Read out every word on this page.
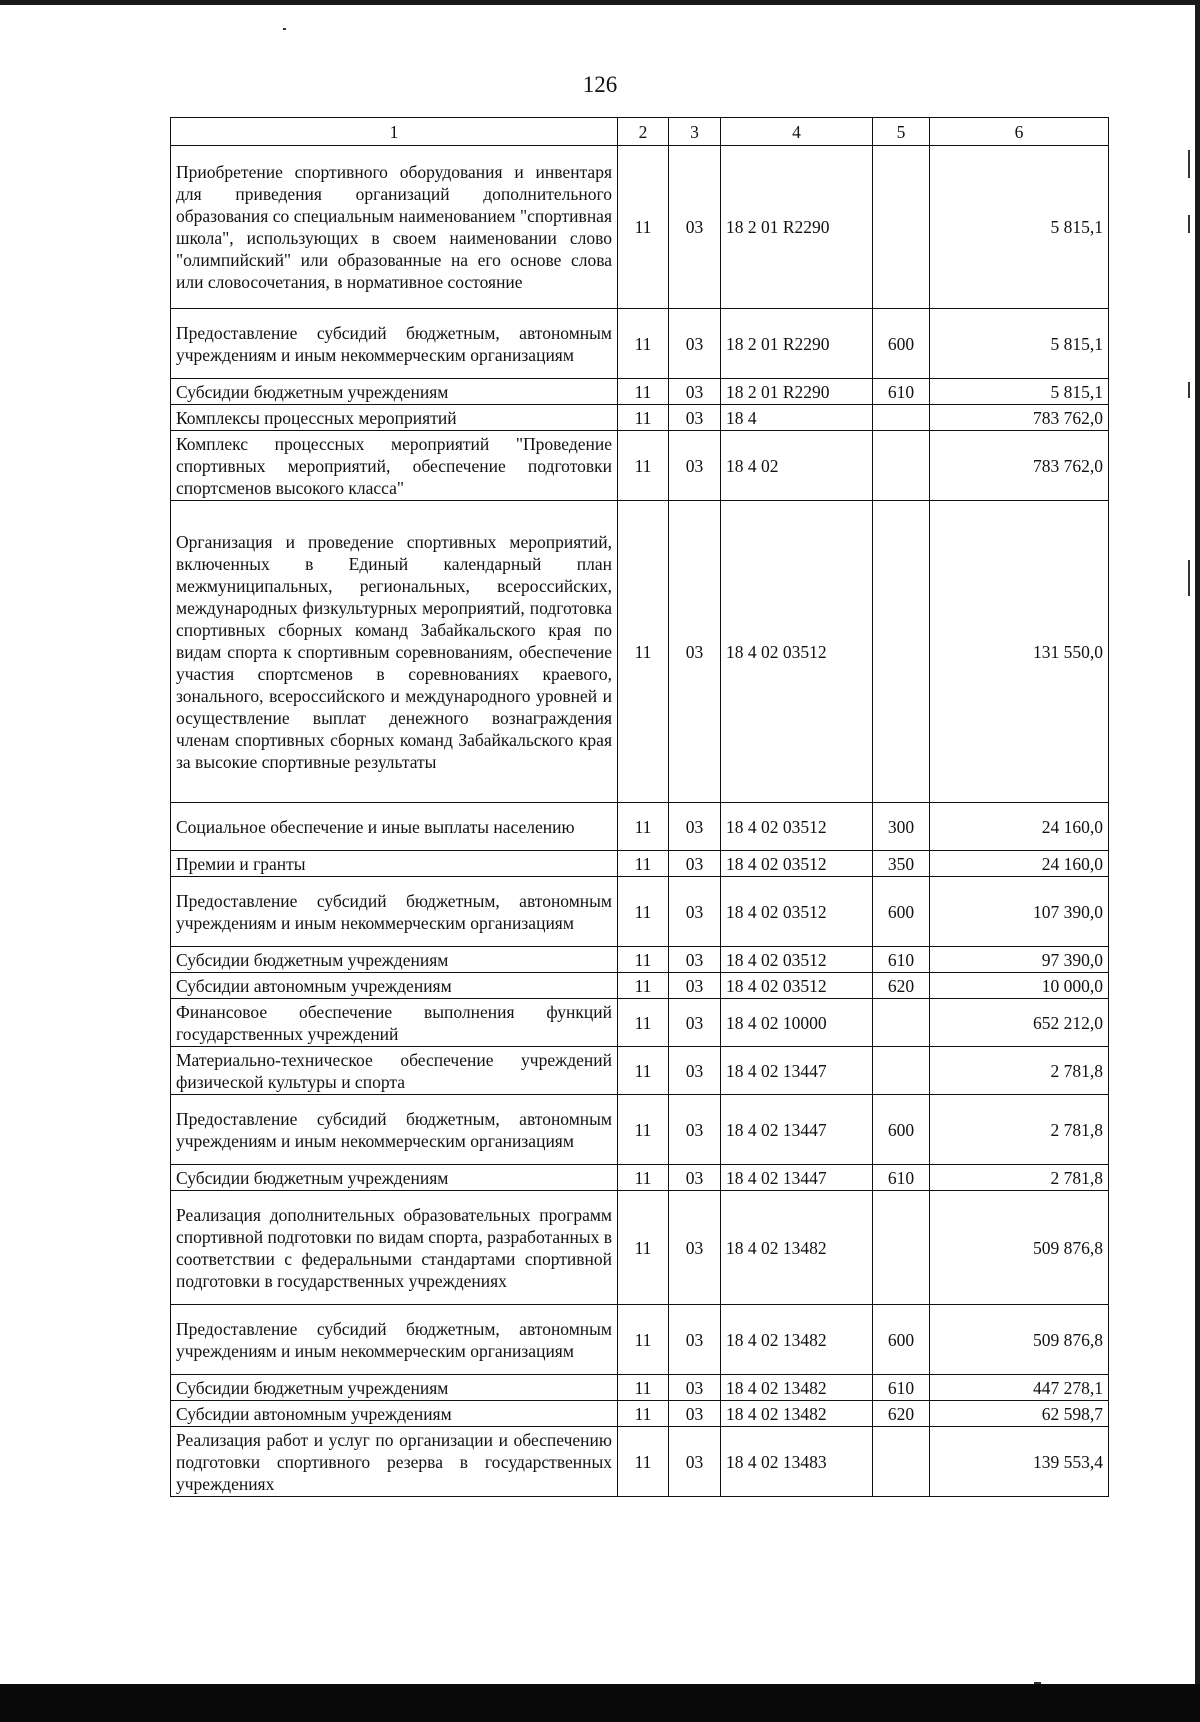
126
1	2	3	4	5	6
Приобретение спортивного оборудования и инвентаря для приведения организаций дополнительного образования со специальным наименованием "спортивная школа", использующих в своем наименовании слово "олимпийский" или образованные на его основе слова или словосочетания, в нормативное состояние	11	03	18 2 01 R2290		5 815,1
Предоставление субсидий бюджетным, автономным учреждениям и иным некоммерческим организациям	11	03	18 2 01 R2290	600	5 815,1
Субсидии бюджетным учреждениям	11	03	18 2 01 R2290	610	5 815,1
Комплексы процессных мероприятий	11	03	18 4		783 762,0
Комплекс процессных мероприятий "Проведение спортивных мероприятий, обеспечение подготовки спортсменов высокого класса"	11	03	18 4 02		783 762,0
Организация и проведение спортивных мероприятий, включенных в Единый календарный план межмуниципальных, региональных, всероссийских, международных физкультурных мероприятий, подготовка спортивных сборных команд Забайкальского края по видам спорта к спортивным соревнованиям, обеспечение участия спортсменов в соревнованиях краевого, зонального, всероссийского и международного уровней и осуществление выплат денежного вознаграждения членам спортивных сборных команд Забайкальского края за высокие спортивные результаты	11	03	18 4 02 03512		131 550,0
Социальное обеспечение и иные выплаты населению	11	03	18 4 02 03512	300	24 160,0
Премии и гранты	11	03	18 4 02 03512	350	24 160,0
Предоставление субсидий бюджетным, автономным учреждениям и иным некоммерческим организациям	11	03	18 4 02 03512	600	107 390,0
Субсидии бюджетным учреждениям	11	03	18 4 02 03512	610	97 390,0
Субсидии автономным учреждениям	11	03	18 4 02 03512	620	10 000,0
Финансовое обеспечение выполнения функций государственных учреждений	11	03	18 4 02 10000		652 212,0
Материально-техническое обеспечение учреждений физической культуры и спорта	11	03	18 4 02 13447		2 781,8
Предоставление субсидий бюджетным, автономным учреждениям и иным некоммерческим организациям	11	03	18 4 02 13447	600	2 781,8
Субсидии бюджетным учреждениям	11	03	18 4 02 13447	610	2 781,8
Реализация дополнительных образовательных программ спортивной подготовки по видам спорта, разработанных в соответствии с федеральными стандартами спортивной подготовки в государственных учреждениях	11	03	18 4 02 13482		509 876,8
Предоставление субсидий бюджетным, автономным учреждениям и иным некоммерческим организациям	11	03	18 4 02 13482	600	509 876,8
Субсидии бюджетным учреждениям	11	03	18 4 02 13482	610	447 278,1
Субсидии автономным учреждениям	11	03	18 4 02 13482	620	62 598,7
Реализация работ и услуг по организации и обеспечению подготовки спортивного резерва в государственных учреждениях	11	03	18 4 02 13483		139 553,4
